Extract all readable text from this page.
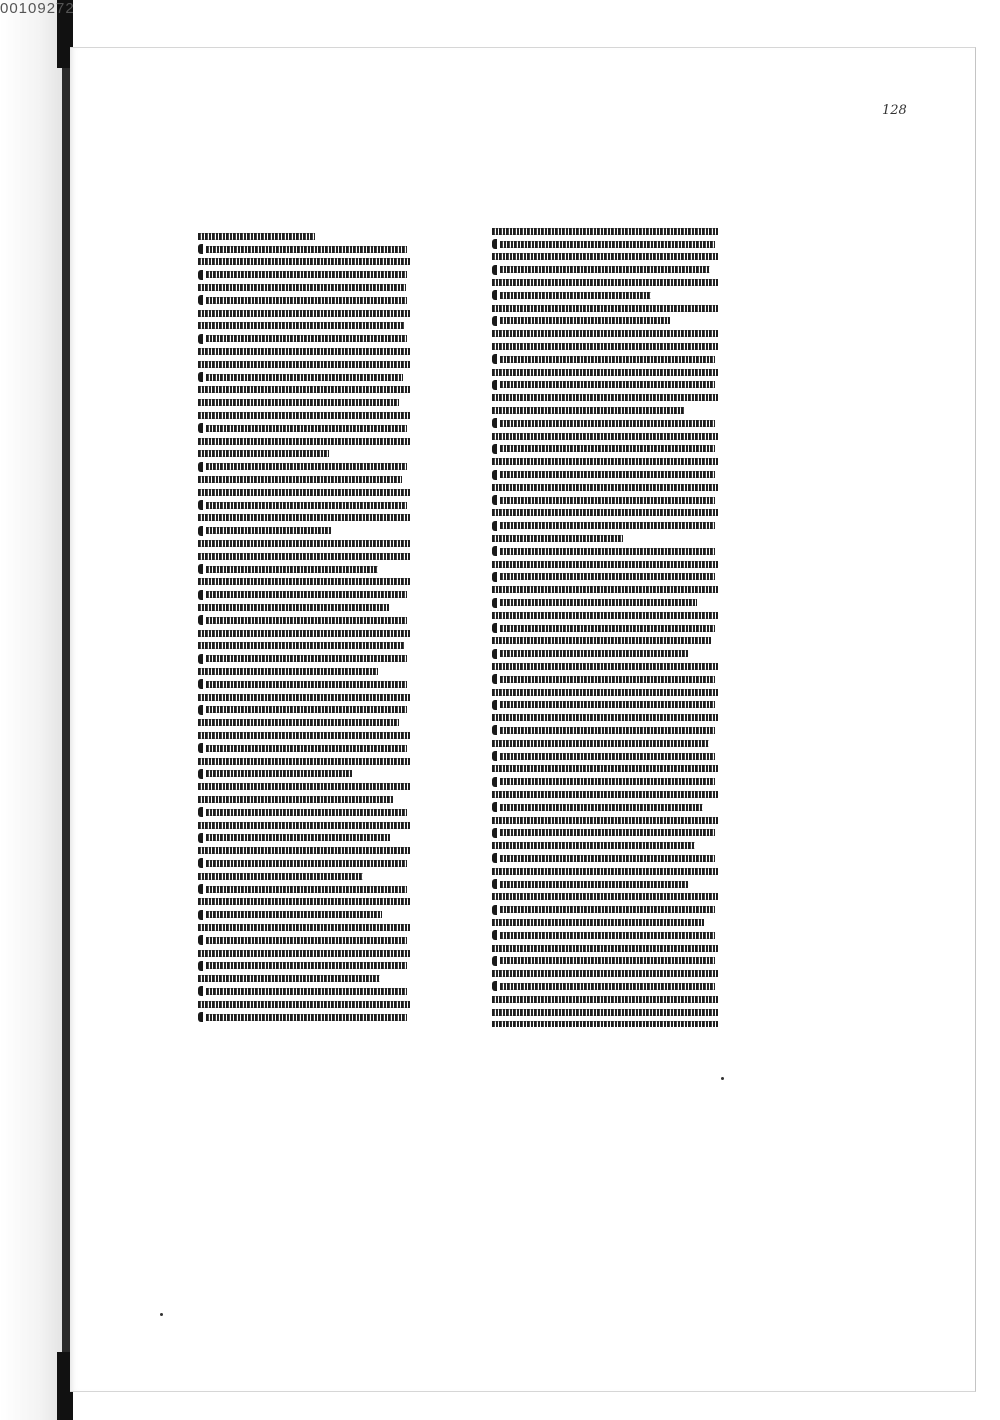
00109272
128
